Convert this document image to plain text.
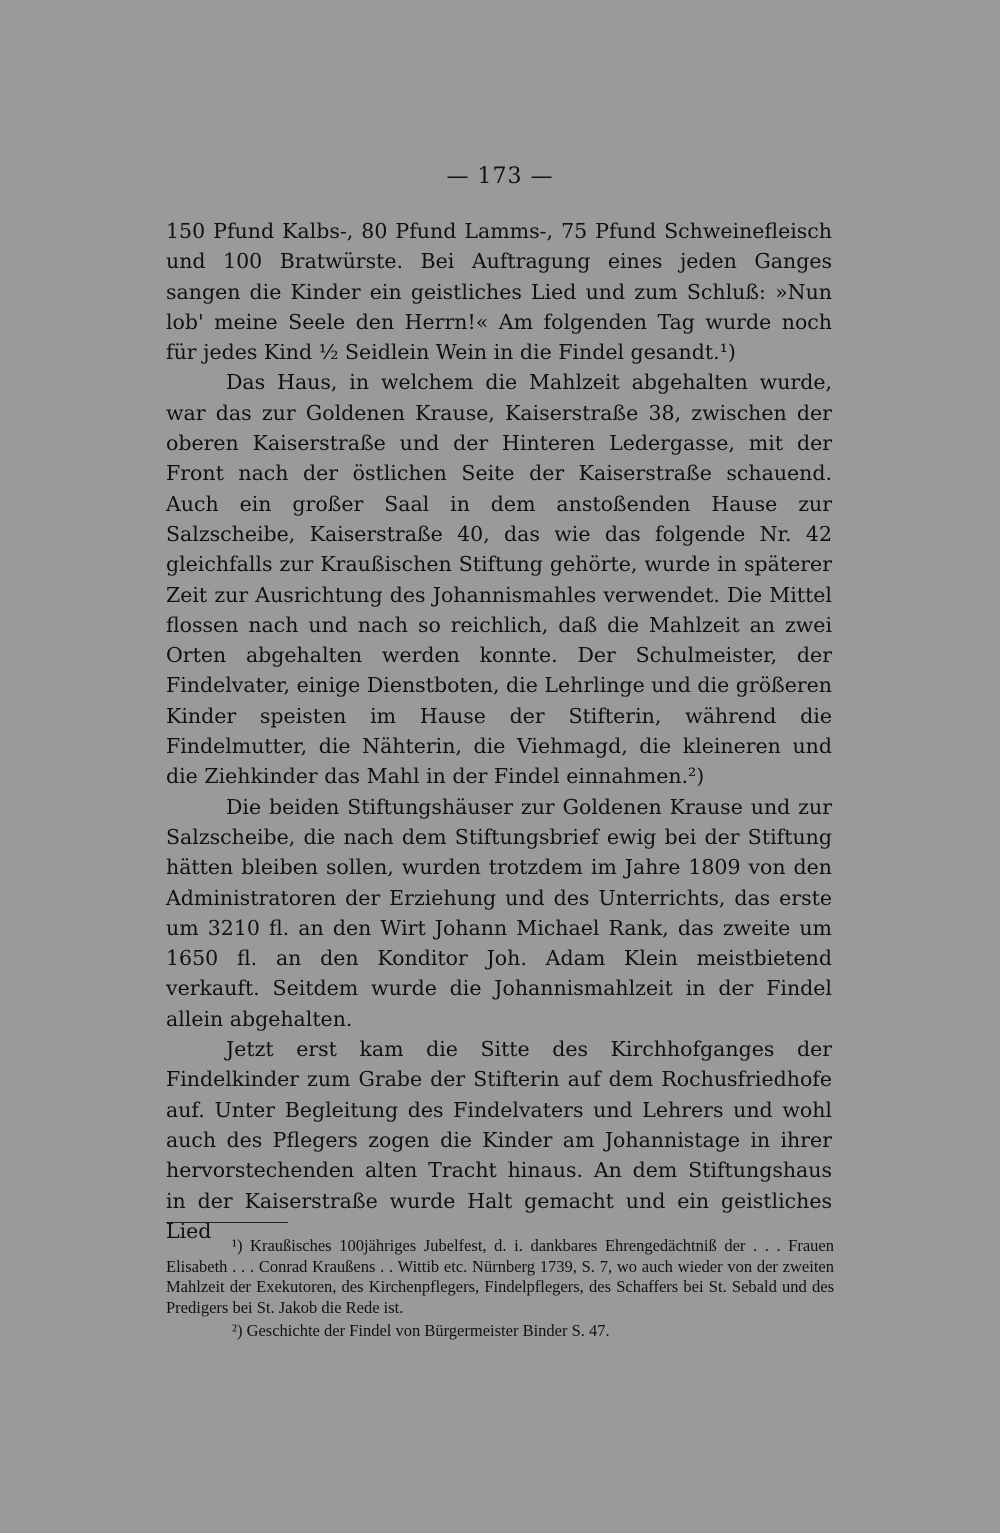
— 173 —

150 Pfund Kalbs-, 80 Pfund Lamms-, 75 Pfund Schweinefleisch und 100 Bratwürste. Bei Auftragung eines jeden Ganges sangen die Kinder ein geistliches Lied und zum Schluß: »Nun lob' meine Seele den Herrn!« Am folgenden Tag wurde noch für jedes Kind ½ Seidlein Wein in die Findel gesandt.¹)

Das Haus, in welchem die Mahlzeit abgehalten wurde, war das zur Goldenen Krause, Kaiserstraße 38, zwischen der oberen Kaiserstraße und der Hinteren Ledergasse, mit der Front nach der östlichen Seite der Kaiserstraße schauend. Auch ein großer Saal in dem anstoßenden Hause zur Salzscheibe, Kaiserstraße 40, das wie das folgende Nr. 42 gleichfalls zur Kraußischen Stiftung gehörte, wurde in späterer Zeit zur Ausrichtung des Johannismahles verwendet. Die Mittel flossen nach und nach so reichlich, daß die Mahlzeit an zwei Orten abgehalten werden konnte. Der Schulmeister, der Findelvater, einige Dienstboten, die Lehrlinge und die größeren Kinder speisten im Hause der Stifterin, während die Findelmutter, die Nähterin, die Viehmagd, die kleineren und die Ziehkinder das Mahl in der Findel einnahmen.²)

Die beiden Stiftungshäuser zur Goldenen Krause und zur Salzscheibe, die nach dem Stiftungsbrief ewig bei der Stiftung hätten bleiben sollen, wurden trotzdem im Jahre 1809 von den Administratoren der Erziehung und des Unterrichts, das erste um 3210 fl. an den Wirt Johann Michael Rank, das zweite um 1650 fl. an den Konditor Joh. Adam Klein meistbietend verkauft. Seitdem wurde die Johannismahlzeit in der Findel allein abgehalten.

Jetzt erst kam die Sitte des Kirchhofganges der Findelkinder zum Grabe der Stifterin auf dem Rochusfriedhofe auf. Unter Begleitung des Findelvaters und Lehrers und wohl auch des Pflegers zogen die Kinder am Johannistage in ihrer hervorstechenden alten Tracht hinaus. An dem Stiftungshaus in der Kaiserstraße wurde Halt gemacht und ein geistliches Lied

¹) Kraußisches 100jähriges Jubelfest, d. i. dankbares Ehrengedächtniß der . . . Frauen Elisabeth . . . Conrad Kraußens . . Wittib etc. Nürnberg 1739, S. 7, wo auch wieder von der zweiten Mahlzeit der Exekutoren, des Kirchenpflegers, Findelpflegers, des Schaffers bei St. Sebald und des Predigers bei St. Jakob die Rede ist.

²) Geschichte der Findel von Bürgermeister Binder S. 47.
